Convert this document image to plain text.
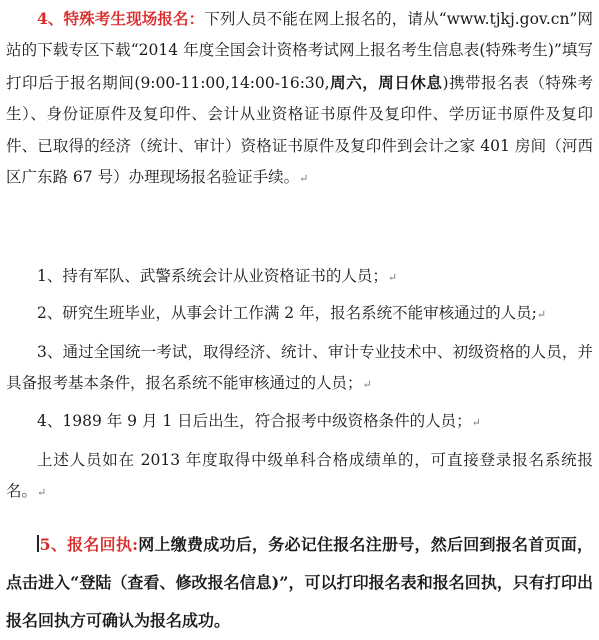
4、特殊考生现场报名：下列人员不能在网上报名的，请从“www.tjkj.gov.cn”网站的下载专区下载“2014 年度全国会计资格考试网上报名考生信息表(特殊考生)”填写打印后于报名期间(9:00-11:00,14:00-16:30,周六，周日休息)携带报名表（特殊考生）、身份证原件及复印件、会计从业资格证书原件及复印件、学历证书原件及复印件、已取得的经济（统计、审计）资格证书原件及复印件到会计之家 401 房间（河西区广东路 67 号）办理现场报名验证手续。↵

1、持有军队、武警系统会计从业资格证书的人员；↵

2、研究生班毕业，从事会计工作满 2 年，报名系统不能审核通过的人员;↵

3、通过全国统一考试，取得经济、统计、审计专业技术中、初级资格的人员，并具备报考基本条件，报名系统不能审核通过的人员；↵

4、1989 年 9 月 1 日后出生，符合报考中级资格条件的人员；↵

上述人员如在 2013 年度取得中级单科合格成绩单的，可直接登录报名系统报名。↵

5、报名回执:网上缴费成功后，务必记住报名注册号，然后回到报名首页面，点击进入“登陆（查看、修改报名信息)”，可以打印报名表和报名回执，只有打印出报名回执方可确认为报名成功。
